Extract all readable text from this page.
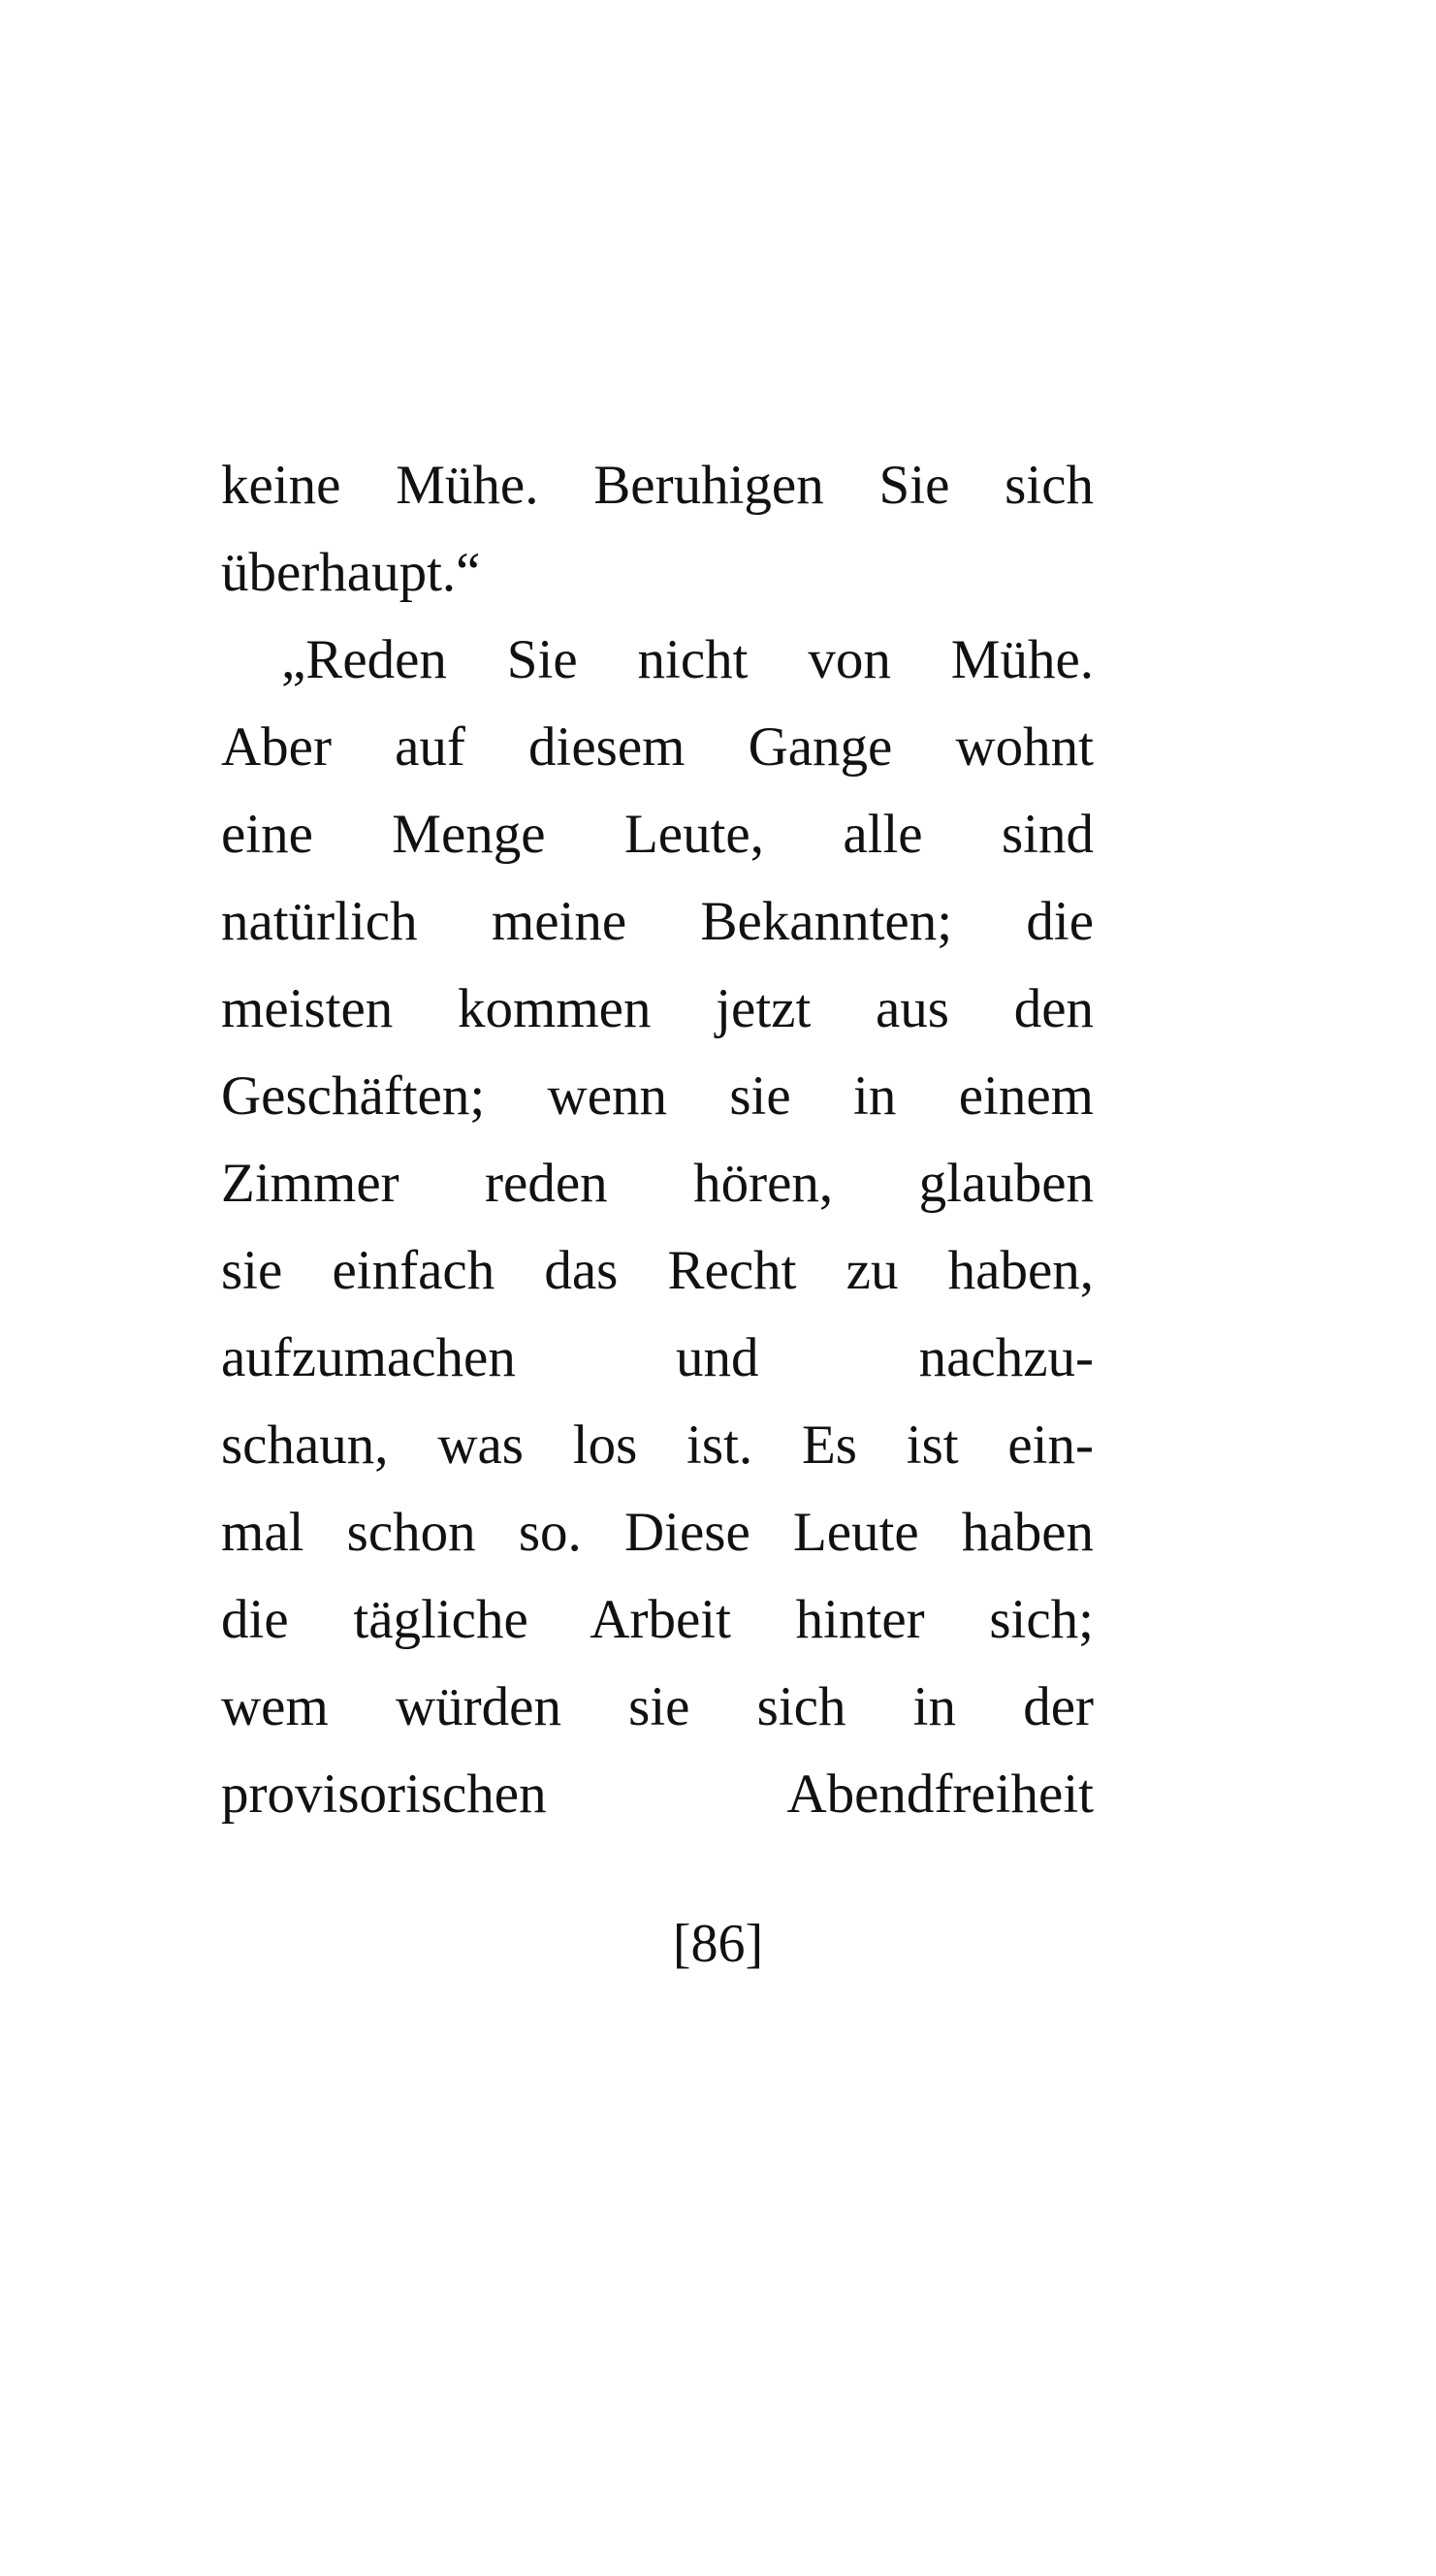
keine Mühe. Beruhigen Sie sich
überhaupt.“
„Reden Sie nicht von Mühe.
Aber auf diesem Gange wohnt
eine Menge Leute, alle sind
natürlich meine Bekannten; die
meisten kommen jetzt aus den
Geschäften; wenn sie in einem
Zimmer reden hören, glauben
sie einfach das Recht zu haben,
aufzumachen und nachzu-
schaun, was los ist. Es ist ein-
mal schon so. Diese Leute haben
die tägliche Arbeit hinter sich;
wem würden sie sich in der
provisorischen Abendfreiheit
[86]
